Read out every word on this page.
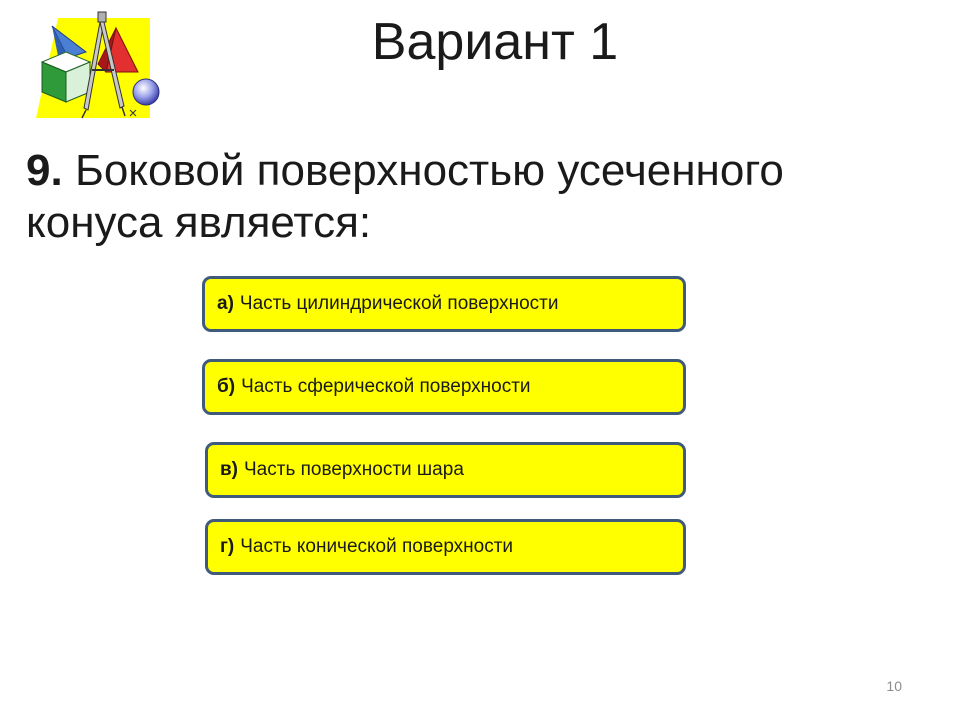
Вариант 1
9. Боковой поверхностью усеченного конуса является:
а) Часть цилиндрической поверхности
б) Часть сферической поверхности
в) Часть поверхности шара
г) Часть конической поверхности
10
